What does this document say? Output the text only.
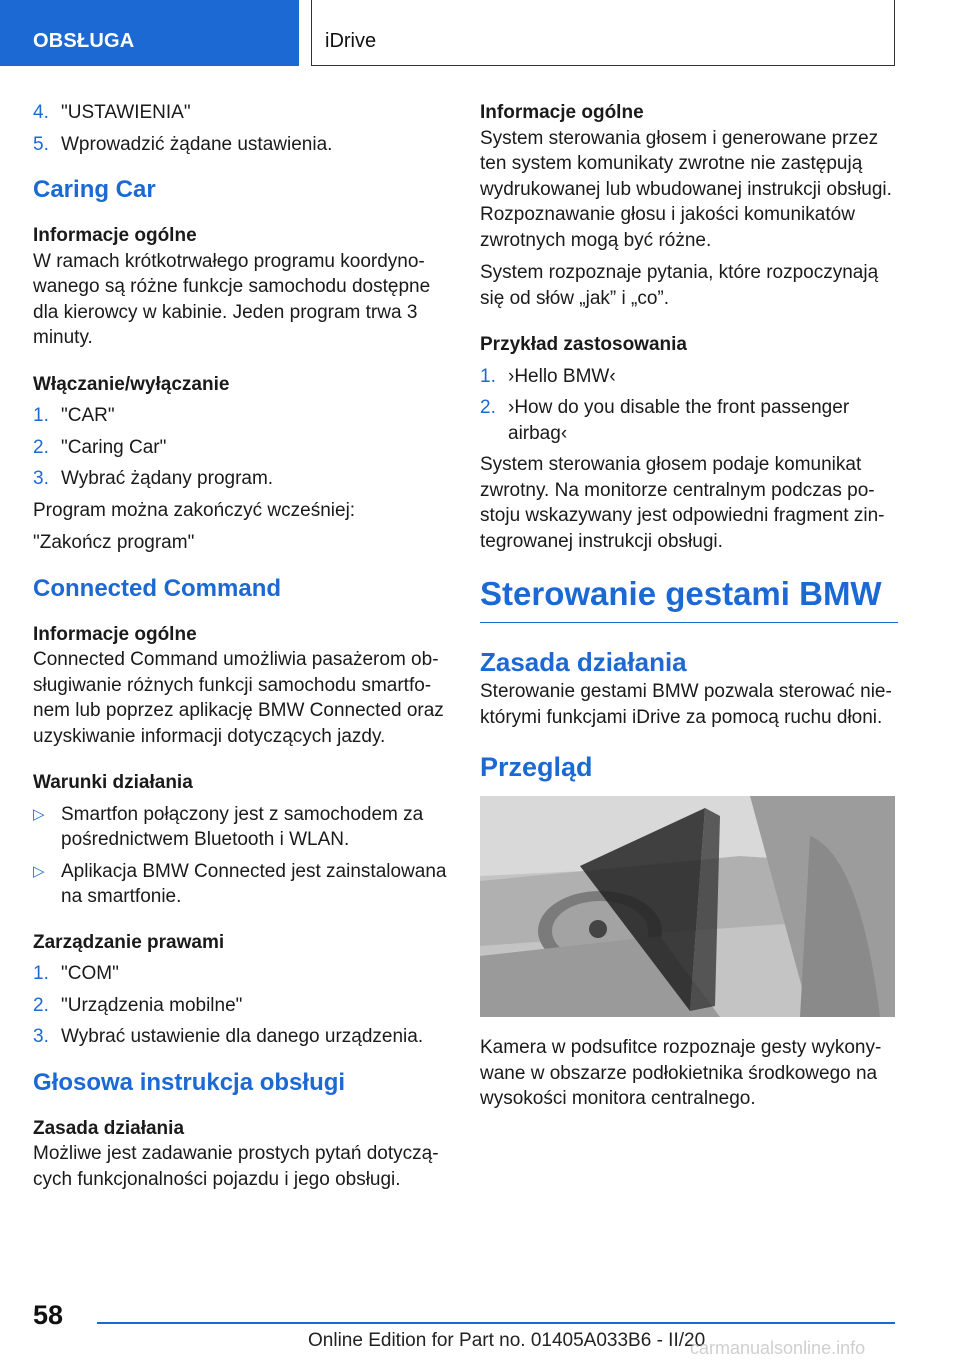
OBSŁUGA	iDrive
4. "USTAWIENIA"
5. Wprowadzić żądane ustawienia.
Caring Car
Informacje ogólne

W ramach krótkotrwałego programu koordyno-wanego są różne funkcje samochodu dostępne dla kierowcy w kabinie. Jeden program trwa 3 minuty.

Włączanie/wyłączanie
1. "CAR"
2. "Caring Car"
3. Wybrać żądany program.

Program można zakończyć wcześniej:

"Zakończ program"

Connected Command
Informacje ogólne

Connected Command umożliwia pasażerom ob-sługiwanie różnych funkcji samochodu smartfo-nem lub poprzez aplikację BMW Connected oraz uzyskiwanie informacji dotyczących jazdy.

Warunki działania
▷ Smartfon połączony jest z samochodem za pośrednictwem Bluetooth i WLAN.
▷ Aplikacja BMW Connected jest zainstalowana na smartfonie.
Zarządzanie prawami
1. "COM"
2. "Urządzenia mobilne"
3. Wybrać ustawienie dla danego urządzenia.
Głosowa instrukcja obsługi
Zasada działania

Możliwe jest zadawanie prostych pytań dotyczą-cych funkcjonalności pojazdu i jego obsługi.

Informacje ogólne

System sterowania głosem i generowane przez ten system komunikaty zwrotne nie zastępują wydrukowanej lub wbudowanej instrukcji obsługi. Rozpoznawanie głosu i jakości komunikatów zwrotnych mogą być różne.

System rozpoznaje pytania, które rozpoczynają się od słów „jak” i „co”.

Przykład zastosowania
1. ›Hello BMW‹
2. ›How do you disable the front passenger airbag‹

System sterowania głosem podaje komunikat zwrotny. Na monitorze centralnym podczas po-stoju wskazywany jest odpowiedni fragment zin-tegrowanej instrukcji obsługi.

Sterowanie gestami BMW
Zasada działania

Sterowanie gestami BMW pozwala sterować nie-którymi funkcjami iDrive za pomocą ruchu dłoni.

Przegląd

Kamera w podsufitce rozpoznaje gesty wykony-wane w obszarze podłokietnika środkowego na wysokości monitora centralnego.

58
Online Edition for Part no. 01405A033B6 - II/20
carmanualsonline.info
